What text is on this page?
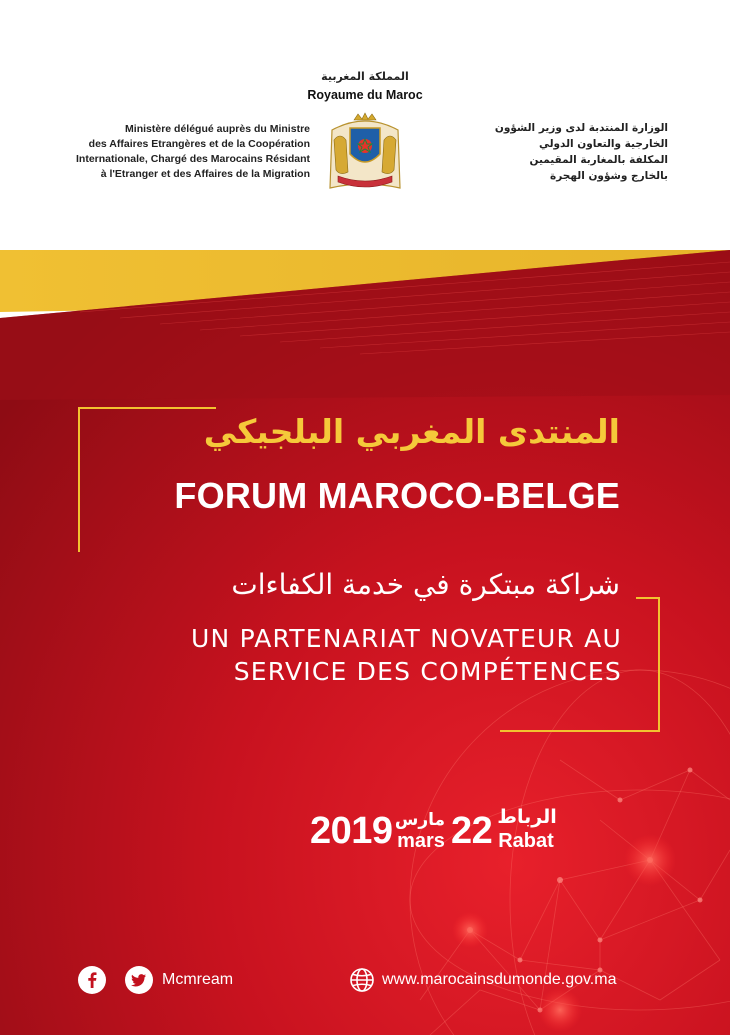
المملكة المغربية
Royaume du Maroc
Ministère délégué auprès du Ministre
des Affaires Etrangères et de la Coopération
Internationale, Chargé des Marocains Résidant
à l'Etranger et des Affaires de la Migration
الوزارة المنتدبة لدى وزير الشؤون
الخارجية والتعاون الدولي
المكلفة بالمغاربة المقيمين
بالخارج وشؤون الهجرة
المنتدى المغربي البلجيكي
FORUM MAROCO-BELGE
شراكة مبتكرة في خدمة الكفاءات
UN PARTENARIAT NOVATEUR AU
SERVICE DES COMPÉTENCES
2019 مارس
mars 22 الرباط
Rabat
Mcmream	www.marocainsdumonde.gov.ma
